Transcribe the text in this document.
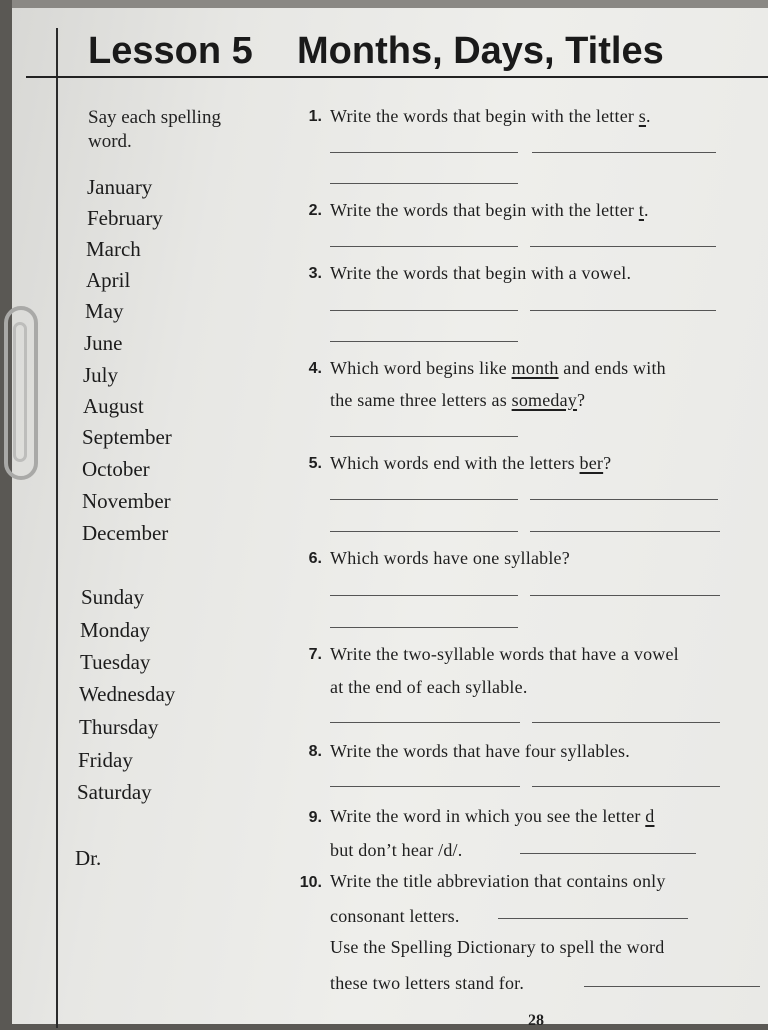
Lesson 5 Months, Days, Titles
Say each spelling word.
January
February
March
April
May
June
July
August
September
October
November
December
Sunday
Monday
Tuesday
Wednesday
Thursday
Friday
Saturday
Dr.
1. Write the words that begin with the letter s.
2. Write the words that begin with the letter t.
3. Write the words that begin with a vowel.
4. Which word begins like month and ends with
the same three letters as someday?
5. Which words end with the letters ber?
6. Which words have one syllable?
7. Write the two-syllable words that have a vowel
at the end of each syllable.
8. Write the words that have four syllables.
9. Write the word in which you see the letter d
but don’t hear /d/.
10. Write the title abbreviation that contains only
consonant letters.
Use the Spelling Dictionary to spell the word
these two letters stand for.
28
